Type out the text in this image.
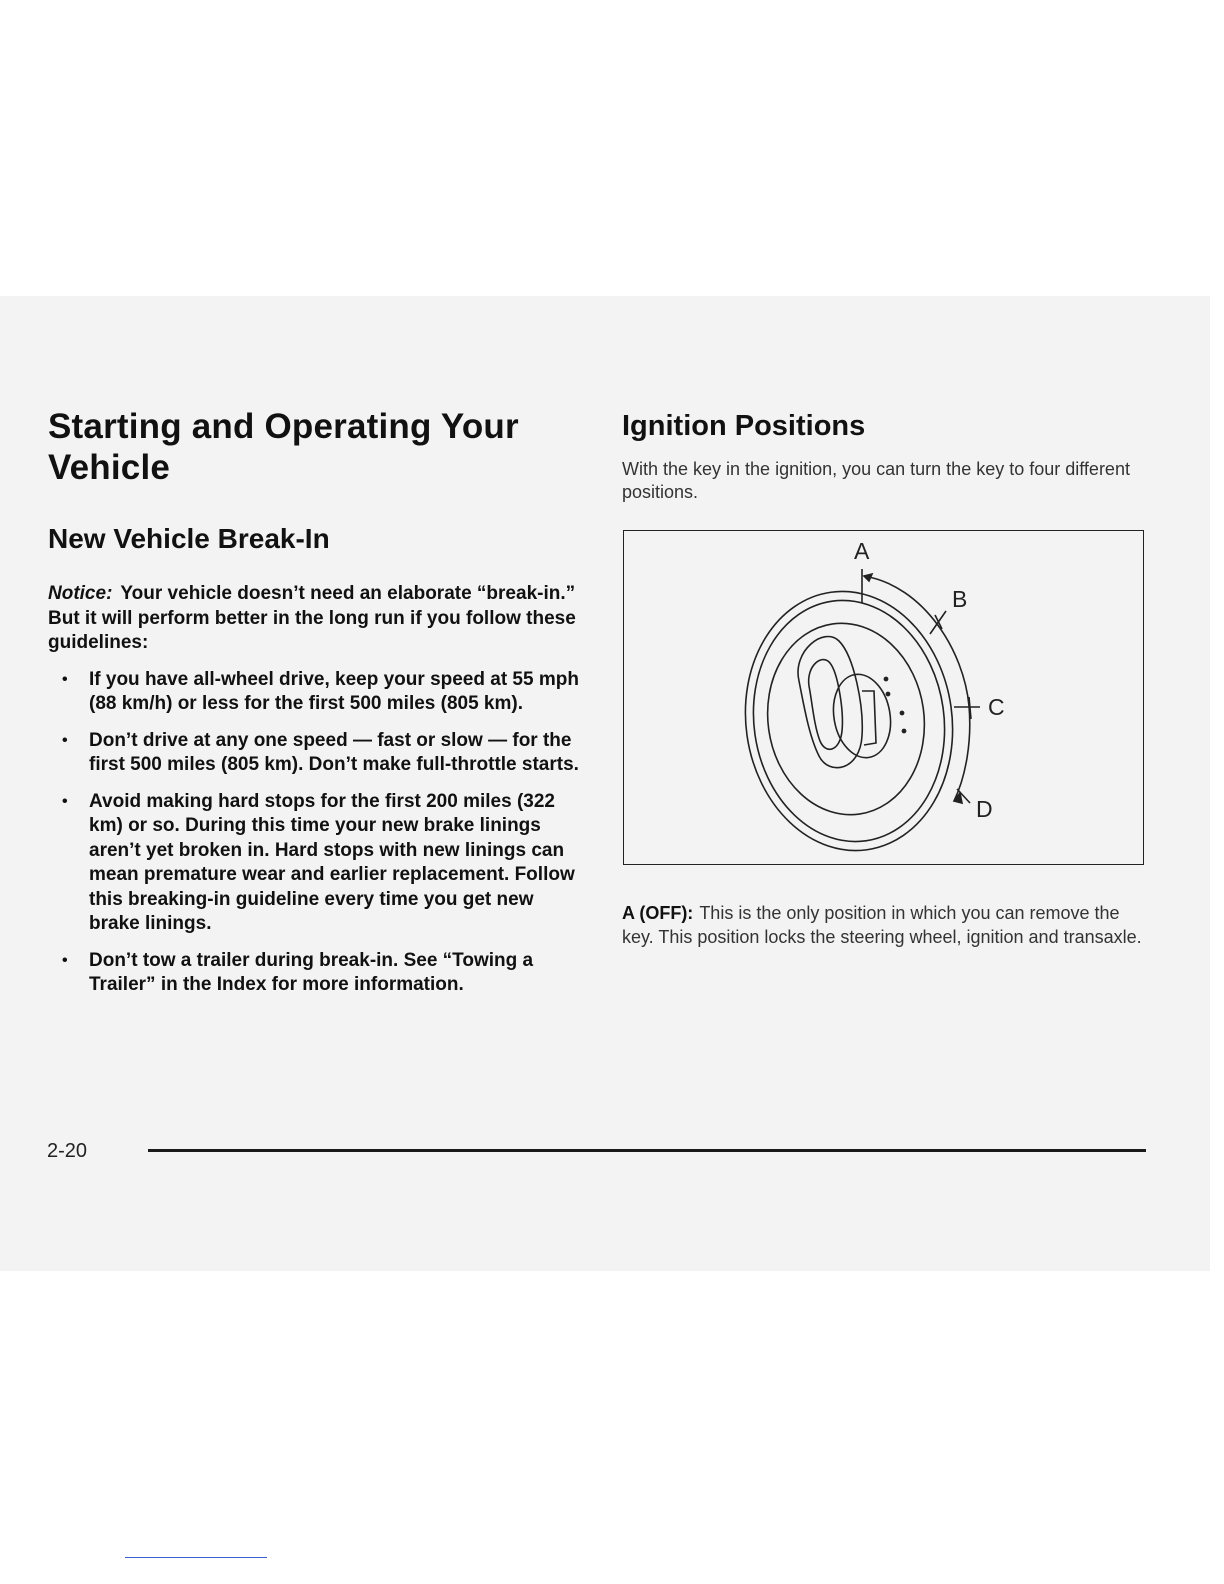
Starting and Operating Your Vehicle
New Vehicle Break-In

Notice: Your vehicle doesn’t need an elaborate “break-in.” But it will perform better in the long run if you follow these guidelines:

• If you have all-wheel drive, keep your speed at 55 mph (88 km/h) or less for the first 500 miles (805 km).
• Don’t drive at any one speed — fast or slow — for the first 500 miles (805 km). Don’t make full-throttle starts.
• Avoid making hard stops for the first 200 miles (322 km) or so. During this time your new brake linings aren’t yet broken in. Hard stops with new linings can mean premature wear and earlier replacement. Follow this breaking-in guideline every time you get new brake linings.
• Don’t tow a trailer during break-in. See “Towing a Trailer” in the Index for more information.
Ignition Positions

With the key in the ignition, you can turn the key to four different positions.

A
B
C
D

A (OFF): This is the only position in which you can remove the key. This position locks the steering wheel, ignition and transaxle.

2-20
